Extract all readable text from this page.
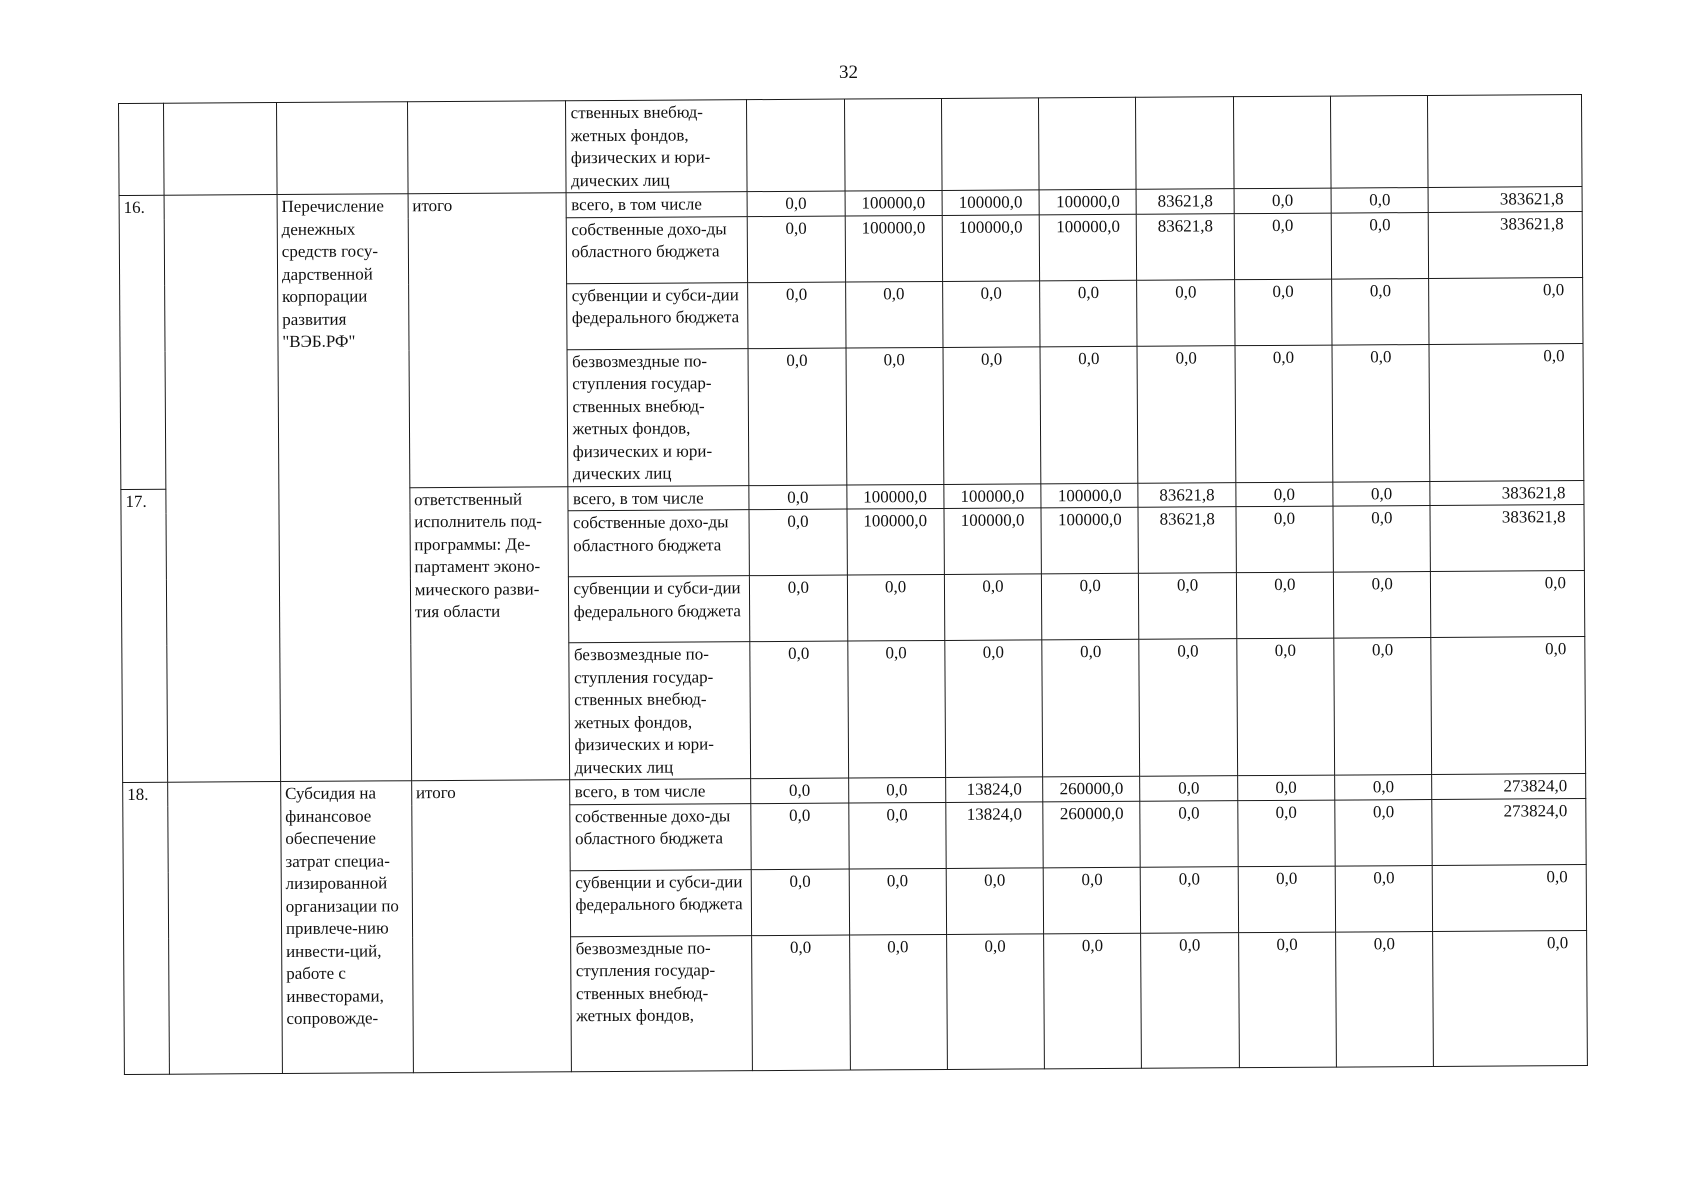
32
				ственных внебюд-жетных фондов, физических и юри-дических лиц								
16.		Перечисление денежных средств госу-дарственной корпорации развития "ВЭБ.РФ"	итого	всего, в том числе	0,0	100000,0	100000,0	100000,0	83621,8	0,0	0,0	383621,8
				собственные дохо-ды областного бюджета	0,0	100000,0	100000,0	100000,0	83621,8	0,0	0,0	383621,8
				субвенции и субси-дии федерального бюджета	0,0	0,0	0,0	0,0	0,0	0,0	0,0	0,0
				безвозмездные по-ступления государ-ственных внебюд-жетных фондов, физических и юри-дических лиц	0,0	0,0	0,0	0,0	0,0	0,0	0,0	0,0
17.			ответственный исполнитель под-программы: Де-партамент эконо-мического разви-тия области	всего, в том числе	0,0	100000,0	100000,0	100000,0	83621,8	0,0	0,0	383621,8
				собственные дохо-ды областного бюджета	0,0	100000,0	100000,0	100000,0	83621,8	0,0	0,0	383621,8
				субвенции и субси-дии федерального бюджета	0,0	0,0	0,0	0,0	0,0	0,0	0,0	0,0
				безвозмездные по-ступления государ-ственных внебюд-жетных фондов, физических и юри-дических лиц	0,0	0,0	0,0	0,0	0,0	0,0	0,0	0,0
18.		Субсидия на финансовое обеспечение затрат специа-лизированной организации по привлече-нию инвести-ций, работе с инвесторами, сопровожде-	итого	всего, в том числе	0,0	0,0	13824,0	260000,0	0,0	0,0	0,0	273824,0
				собственные дохо-ды областного бюджета	0,0	0,0	13824,0	260000,0	0,0	0,0	0,0	273824,0
				субвенции и субси-дии федерального бюджета	0,0	0,0	0,0	0,0	0,0	0,0	0,0	0,0
				безвозмездные по-ступления государ-ственных внебюд-жетных фондов,	0,0	0,0	0,0	0,0	0,0	0,0	0,0	0,0
